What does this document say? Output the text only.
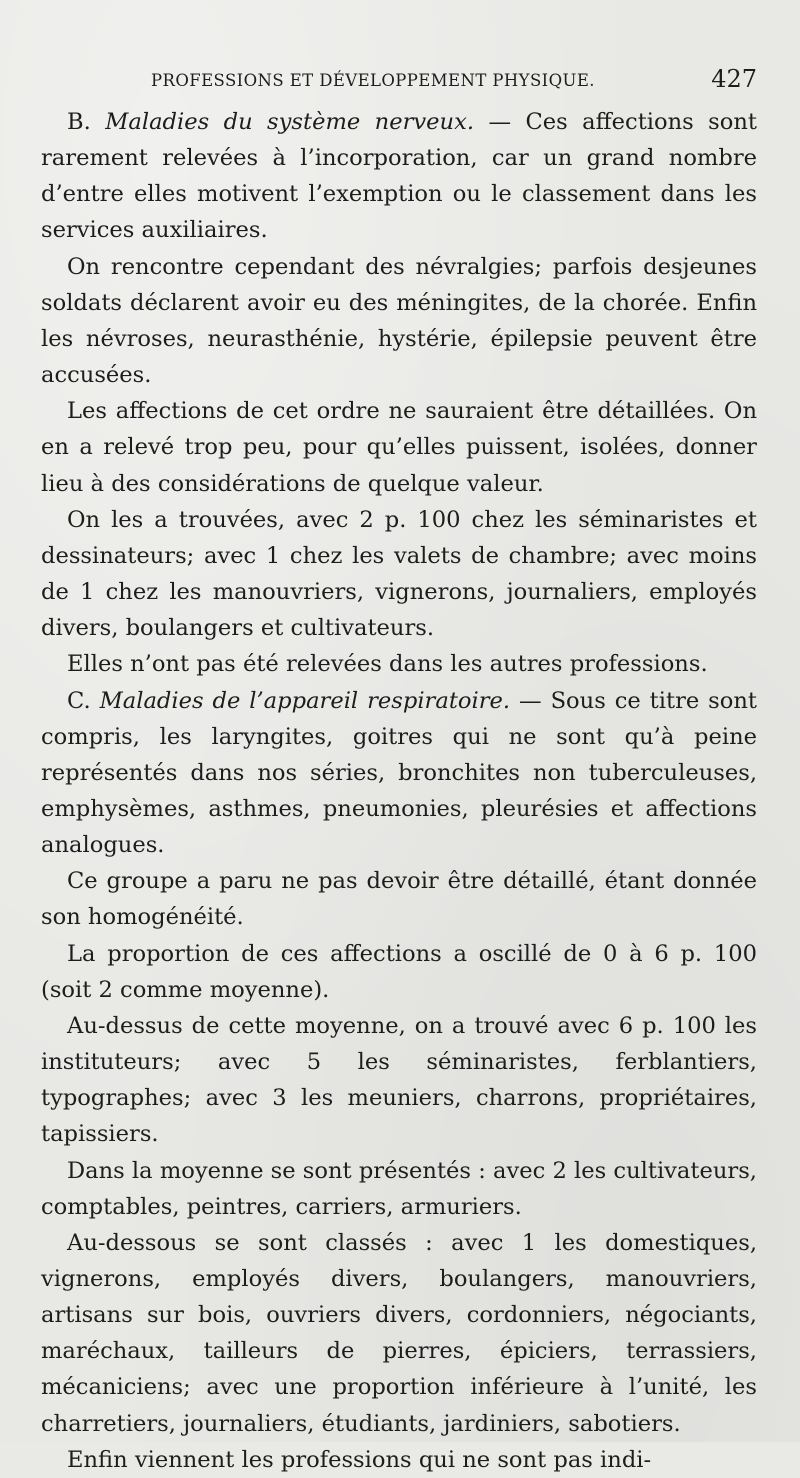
PROFESSIONS ET DÉVELOPPEMENT PHYSIQUE.	427

B. Maladies du système nerveux. — Ces affections sont rarement relevées à l’incorporation, car un grand nombre d’entre elles motivent l’exemption ou le classement dans les services auxiliaires.

On rencontre cependant des névralgies; parfois desjeunes soldats déclarent avoir eu des méningites, de la chorée. Enfin les névroses, neurasthénie, hystérie, épilepsie peuvent être accusées.

Les affections de cet ordre ne sauraient être détaillées. On en a relevé trop peu, pour qu’elles puissent, isolées, donner lieu à des considérations de quelque valeur.

On les a trouvées, avec 2 p. 100 chez les séminaristes et dessinateurs; avec 1 chez les valets de chambre; avec moins de 1 chez les manouvriers, vignerons, journaliers, employés divers, boulangers et cultivateurs.

Elles n’ont pas été relevées dans les autres professions.

C. Maladies de l’appareil respiratoire. — Sous ce titre sont compris, les laryngites, goitres qui ne sont qu’à peine représentés dans nos séries, bronchites non tuberculeuses, emphysèmes, asthmes, pneumonies, pleurésies et affections analogues.

Ce groupe a paru ne pas devoir être détaillé, étant donnée son homogénéité.

La proportion de ces affections a oscillé de 0 à 6 p. 100 (soit 2 comme moyenne).

Au-dessus de cette moyenne, on a trouvé avec 6 p. 100 les instituteurs; avec 5 les séminaristes, ferblantiers, typographes; avec 3 les meuniers, charrons, propriétaires, tapissiers.

Dans la moyenne se sont présentés : avec 2 les cultivateurs, comptables, peintres, carriers, armuriers.

Au-dessous se sont classés : avec 1 les domestiques, vignerons, employés divers, boulangers, manouvriers, artisans sur bois, ouvriers divers, cordonniers, négociants, maréchaux, tailleurs de pierres, épiciers, terrassiers, mécaniciens; avec une proportion inférieure à l’unité, les charretiers, journaliers, étudiants, jardiniers, sabotiers.

Enfin viennent les professions qui ne sont pas indi-
